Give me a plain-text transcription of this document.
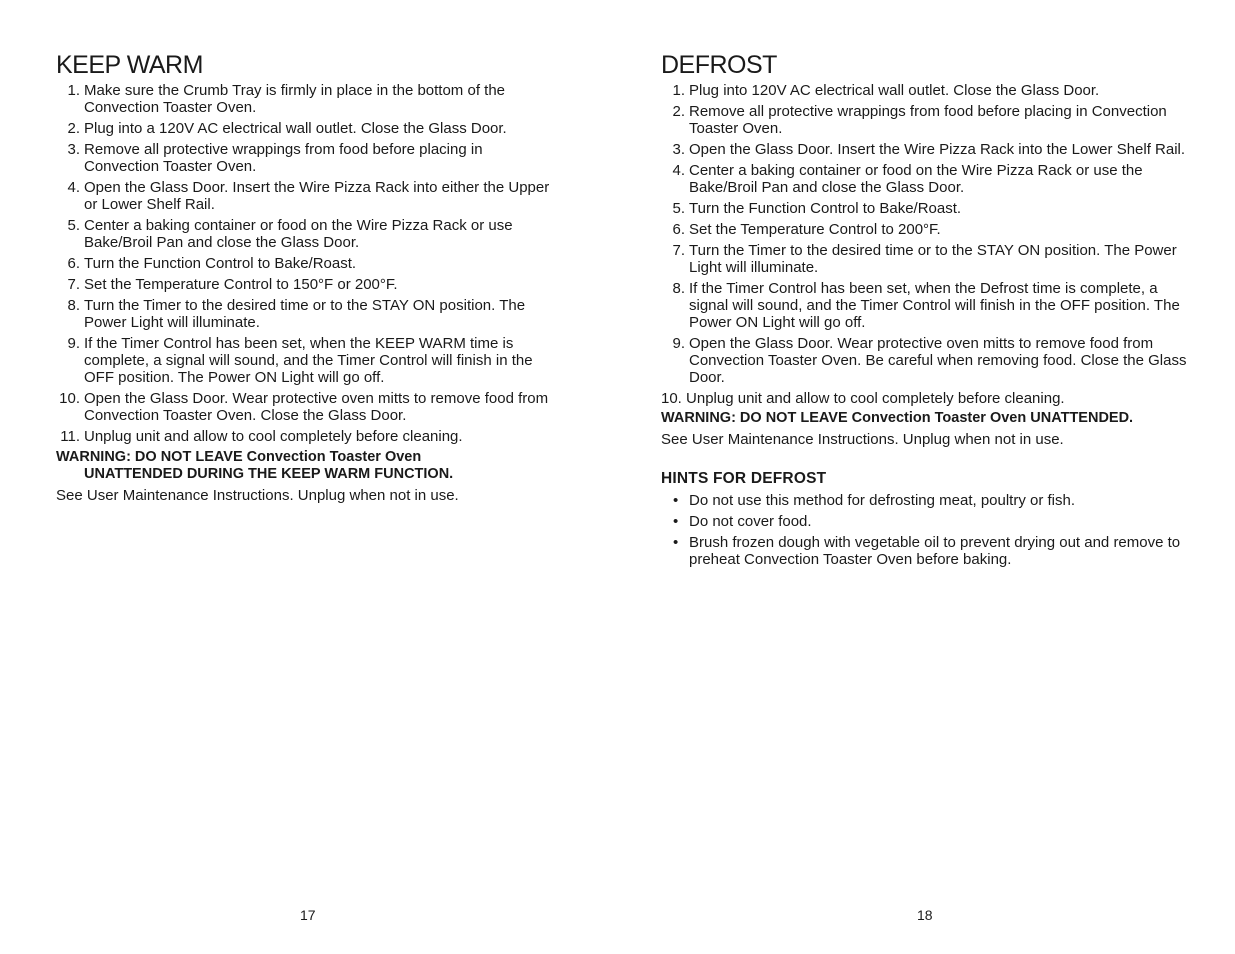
KEEP WARM
1. Make sure the Crumb Tray is firmly in place in the bottom of the Convection Toaster Oven.
2. Plug into a 120V AC electrical wall outlet. Close the Glass Door.
3. Remove all protective wrappings from food before placing in Convection Toaster Oven.
4. Open the Glass Door. Insert the Wire Pizza Rack into either the Upper or Lower Shelf Rail.
5. Center a baking container or food on the Wire Pizza Rack or use Bake/Broil Pan and close the Glass Door.
6. Turn the Function Control to Bake/Roast.
7. Set the Temperature Control to 150°F or 200°F.
8. Turn the Timer to the desired time or to the STAY ON position. The Power Light will illuminate.
9. If the Timer Control has been set, when the KEEP WARM time is complete, a signal will sound, and the Timer Control will finish in the OFF position. The Power ON Light will go off.
10. Open the Glass Door. Wear protective oven mitts to remove food from Convection Toaster Oven. Close the Glass Door.
11. Unplug unit and allow to cool completely before cleaning.
WARNING: DO NOT LEAVE Convection Toaster Oven
UNATTENDED DURING THE KEEP WARM FUNCTION.
See User Maintenance Instructions. Unplug when not in use.
17
DEFROST
1. Plug into 120V AC electrical wall outlet. Close the Glass Door.
2. Remove all protective wrappings from food before placing in Convection Toaster Oven.
3. Open the Glass Door. Insert the Wire Pizza Rack into the Lower Shelf Rail.
4. Center a baking container or food on the Wire Pizza Rack or use the Bake/Broil Pan and close the Glass Door.
5. Turn the Function Control to Bake/Roast.
6. Set the Temperature Control to 200°F.
7. Turn the Timer to the desired time or to the STAY ON position. The Power Light will illuminate.
8. If the Timer Control has been set, when the Defrost time is complete, a signal will sound, and the Timer Control will finish in the OFF position. The Power ON Light will go off.
9. Open the Glass Door. Wear protective oven mitts to remove food from Convection Toaster Oven. Be careful when removing food. Close the Glass Door.
10. Unplug unit and allow to cool completely before cleaning.
WARNING: DO NOT LEAVE Convection Toaster Oven UNATTENDED.
See User Maintenance Instructions. Unplug when not in use.
HINTS FOR DEFROST
• Do not use this method for defrosting meat, poultry or fish.
• Do not cover food.
• Brush frozen dough with vegetable oil to prevent drying out and remove to preheat Convection Toaster Oven before baking.
18
